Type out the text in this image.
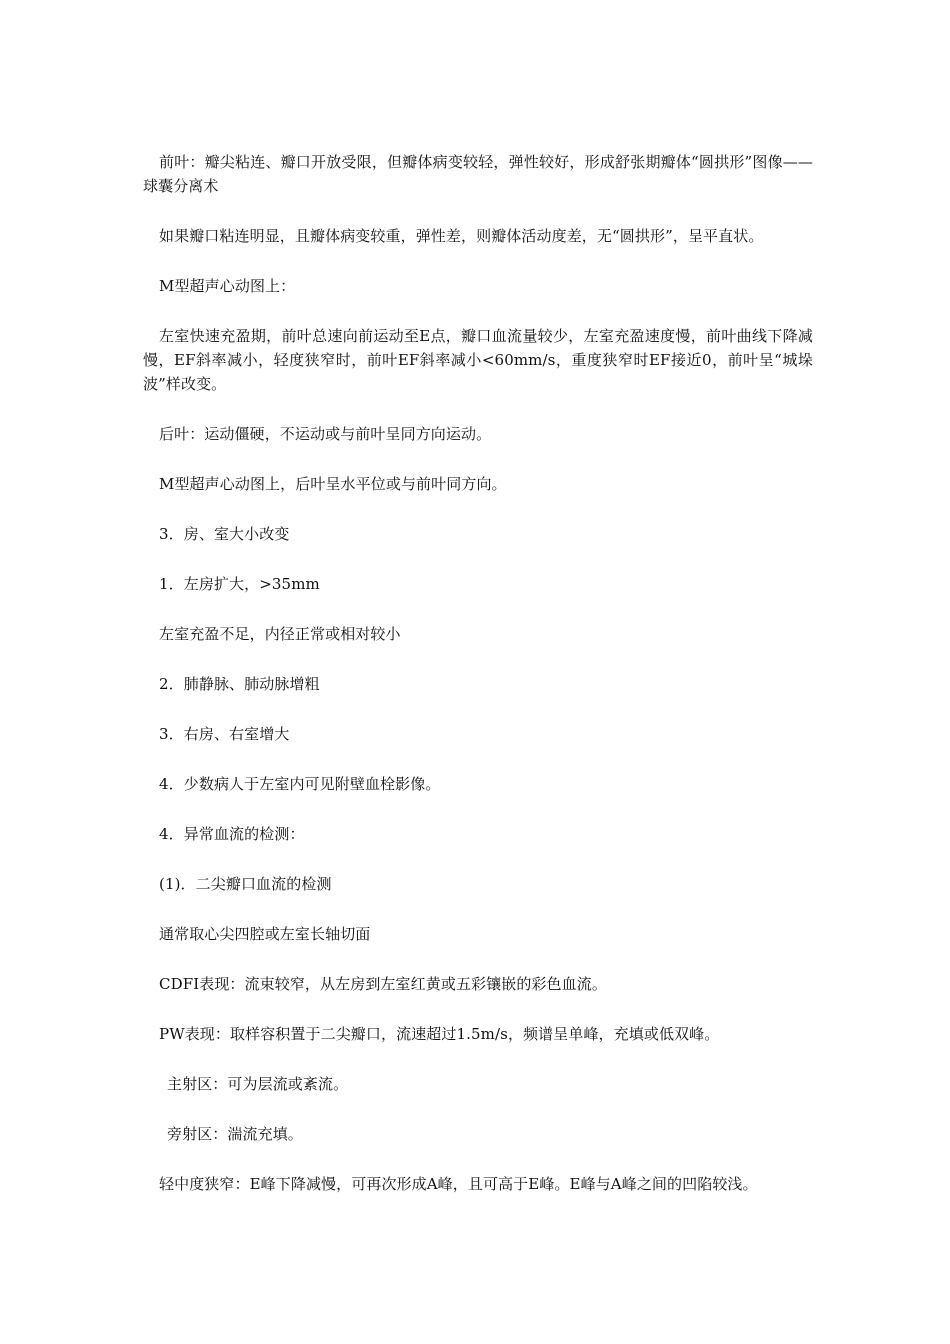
前叶：瓣尖粘连、瓣口开放受限，但瓣体病变较轻，弹性较好，形成舒张期瓣体“圆拱形”图像——球囊分离术

如果瓣口粘连明显，且瓣体病变较重，弹性差，则瓣体活动度差，无“圆拱形”，呈平直状。

M型超声心动图上：

左室快速充盈期，前叶总速向前运动至E点，瓣口血流量较少，左室充盈速度慢，前叶曲线下降减慢，EF斜率减小，轻度狭窄时，前叶EF斜率减小<60mm/s，重度狭窄时EF接近0，前叶呈“城垛波”样改变。

后叶：运动僵硬，不运动或与前叶呈同方向运动。

M型超声心动图上，后叶呈水平位或与前叶同方向。

3．房、室大小改变

1．左房扩大，>35mm

左室充盈不足，内径正常或相对较小

2．肺静脉、肺动脉增粗

3．右房、右室增大

4．少数病人于左室内可见附壁血栓影像。

4．异常血流的检测：

(1)．二尖瓣口血流的检测

通常取心尖四腔或左室长轴切面

CDFI表现：流束较窄，从左房到左室红黄或五彩镶嵌的彩色血流。

PW表现：取样容积置于二尖瓣口，流速超过1.5m/s，频谱呈单峰，充填或低双峰。

主射区：可为层流或紊流。

旁射区：湍流充填。

轻中度狭窄：E峰下降减慢，可再次形成A峰，且可高于E峰。E峰与A峰之间的凹陷较浅。
